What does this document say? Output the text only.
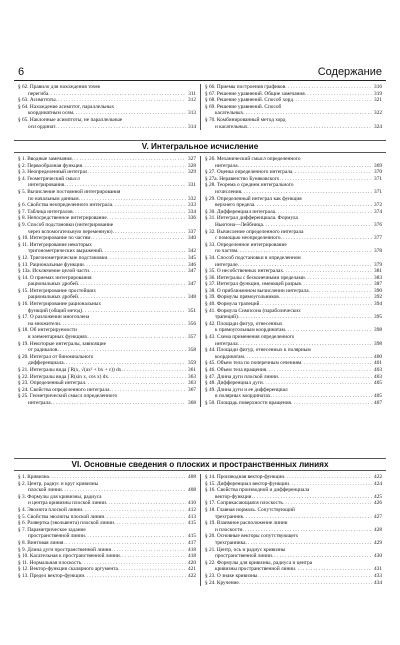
6	Содержание
§ 62. Правило для нахождения точек
перегиба . . .	311
§ 63. Асимптоты . . .	312
§ 64. Нахождение асимптот, параллельных
координатным осям . . .	313
§ 65. Наклонные асимптоты, не параллельные
оси ординат . . .	314
§ 66. Приемы построения графиков . . .	316
§ 67. Решение уравнений. Общие замечания . . .	319
§ 68. Решение уравнений. Способ хорд . . .	321
§ 69. Решение уравнений. Способ
касательных . . .	322
§ 70. Комбинированный метод хорд
и касательных . . .	324
V. Интегральное исчисление
§ 1. Вводные замечания . . .	327
§ 2. Первообразная функция . . .	328
§ 3. Неопределенный интеграл . . .	329
§ 4. Геометрический смысл
интегрирования . . .	331
§ 5. Вычисление постоянной интегрирования
по начальным данным . . .	332
§ 6. Свойства неопределенного интеграла . . .	333
§ 7. Таблица интегралов . . .	334
§ 8. Непосредственное интегрирование . . .	336
§ 9. Способ подстановки (интегрирование
через вспомогательную переменную) . . .	337
§ 10. Интегрирование по частям . . .	340
§ 11. Интегрирование некоторых
тригонометрических выражений . . .	342
§ 12. Тригонометрические подстановки . . .	345
§ 13. Рациональные функции . . .	346
§ 13а. Исключение целой части . . .	347
§ 14. О приемах интегрирования
рациональных дробей . . .	347
§ 15. Интегрирование простейших
рациональных дробей . . .	348
§ 16. Интегрирование рациональных
функций (общий метод) . . .	351
§ 17. О разложении многочлена
на множители . . .	356
§ 18. Об интегрируемости
в элементарных функциях . . .	357
§ 19. Некоторые интегралы, зависящие
от радикалов . . .	358
§ 20. Интеграл от биномиального
дифференциала . . .	359
§ 21. Интегралы вида ∫ R(x, √(ax² + bx + c)) dx . . .	361
§ 22. Интегралы вида ∫ R(sin x, cos x) dx . . .	363
§ 23. Определенный интеграл . . .	363
§ 24. Свойства определенного интеграла . . .	367
§ 25. Геометрический смысл определенного
интеграла . . .	368
§ 26. Механический смысл определенного
интеграла . . .	369
§ 27. Оценка определенного интеграла . . .	370
§ 27а. Неравенство Буняковского . . .	371
§ 28. Теорема о среднем интегрального
исчисления . . .	371
§ 29. Определенный интеграл как функция
верхнего предела . . .	372
§ 30. Дифференциал интеграла . . .	374
§ 31. Интеграл дифференциала. Формула
Ньютона—Лейбница . . .	376
§ 32. Вычисление определенного интеграла
с помощью неопределенного . . .	377
§ 33. Определенное интегрирование
по частям . . .	378
§ 34. Способ подстановки в определенном
интеграле . . .	379
§ 35. О несобственных интегралах . . .	381
§ 36. Интегралы с бесконечными пределами . . .	383
§ 37. Интеграл функции, имеющей разрыв . . .	387
§ 38. О приближенном вычислении интеграла . . .	390
§ 39. Формулы прямоугольников . . .	392
§ 40. Формула трапеций . . .	394
§ 41. Формула Симпсона (параболических
трапеций) . . .	395
§ 42. Площади фигур, отнесенных
к прямоугольным координатам . . .	398
§ 43. Схема применения определенного
интеграла . . .	398
§ 44. Площади фигур, отнесенных к полярным
координатам . . .	400
§ 45. Объем тела по поперечным сечениям . . .	401
§ 46. Объем тела вращения . . .	403
§ 47. Длина дуги плоской линии . . .	403
§ 48. Дифференциал дуги . . .	405
§ 49. Длина дуги и ее дифференциал
в полярных координатах . . .	405
§ 50. Площадь поверхности вращения . . .	407
VI. Основные сведения о плоских и пространственных линиях
§ 1. Кривизна . . .	408
§ 2. Центр, радиус и круг кривизны
плоской линии . . .	408
§ 3. Формулы для кривизны, радиуса
и центра кривизны плоской линии . . .	410
§ 4. Эволюта плоской линии . . .	412
§ 5. Свойства эволюты плоской линии . . .	413
§ 6. Развертка (эвольвента) плоской линии . . .	415
§ 7. Параметрическое задание
пространственной линии . . .	415
§ 8. Винтовая линия . . .	417
§ 9. Длина дуги пространственной линии . . .	418
§ 10. Касательная к пространственной линии . . .	418
§ 11. Нормальная плоскость . . .	420
§ 12. Вектор-функция скалярного аргумента . . .	421
§ 13. Предел вектор-функции . . .	422
§ 14. Производная вектор-функции . . .	422
§ 15. Дифференциал вектор-функции . . .	424
§ 16. Свойства производной и дифференциала
вектор-функции . . .	425
§ 17. Соприкасающаяся плоскость . . .	426
§ 18. Главная нормаль. Сопутствующий
трехгранник . . .	427
§ 19. Взаимное расположение линии
и плоскости . . .	428
§ 20. Основные векторы сопутствующего
трехгранника . . .	429
§ 21. Центр, ось и радиус кривизны
пространственной линии . . .	430
§ 22. Формулы для кривизны, радиуса и центра
кривизны пространственной линии . . .	431
§ 23. О знаке кривизны . . .	433
§ 24. Кручение . . .	434
